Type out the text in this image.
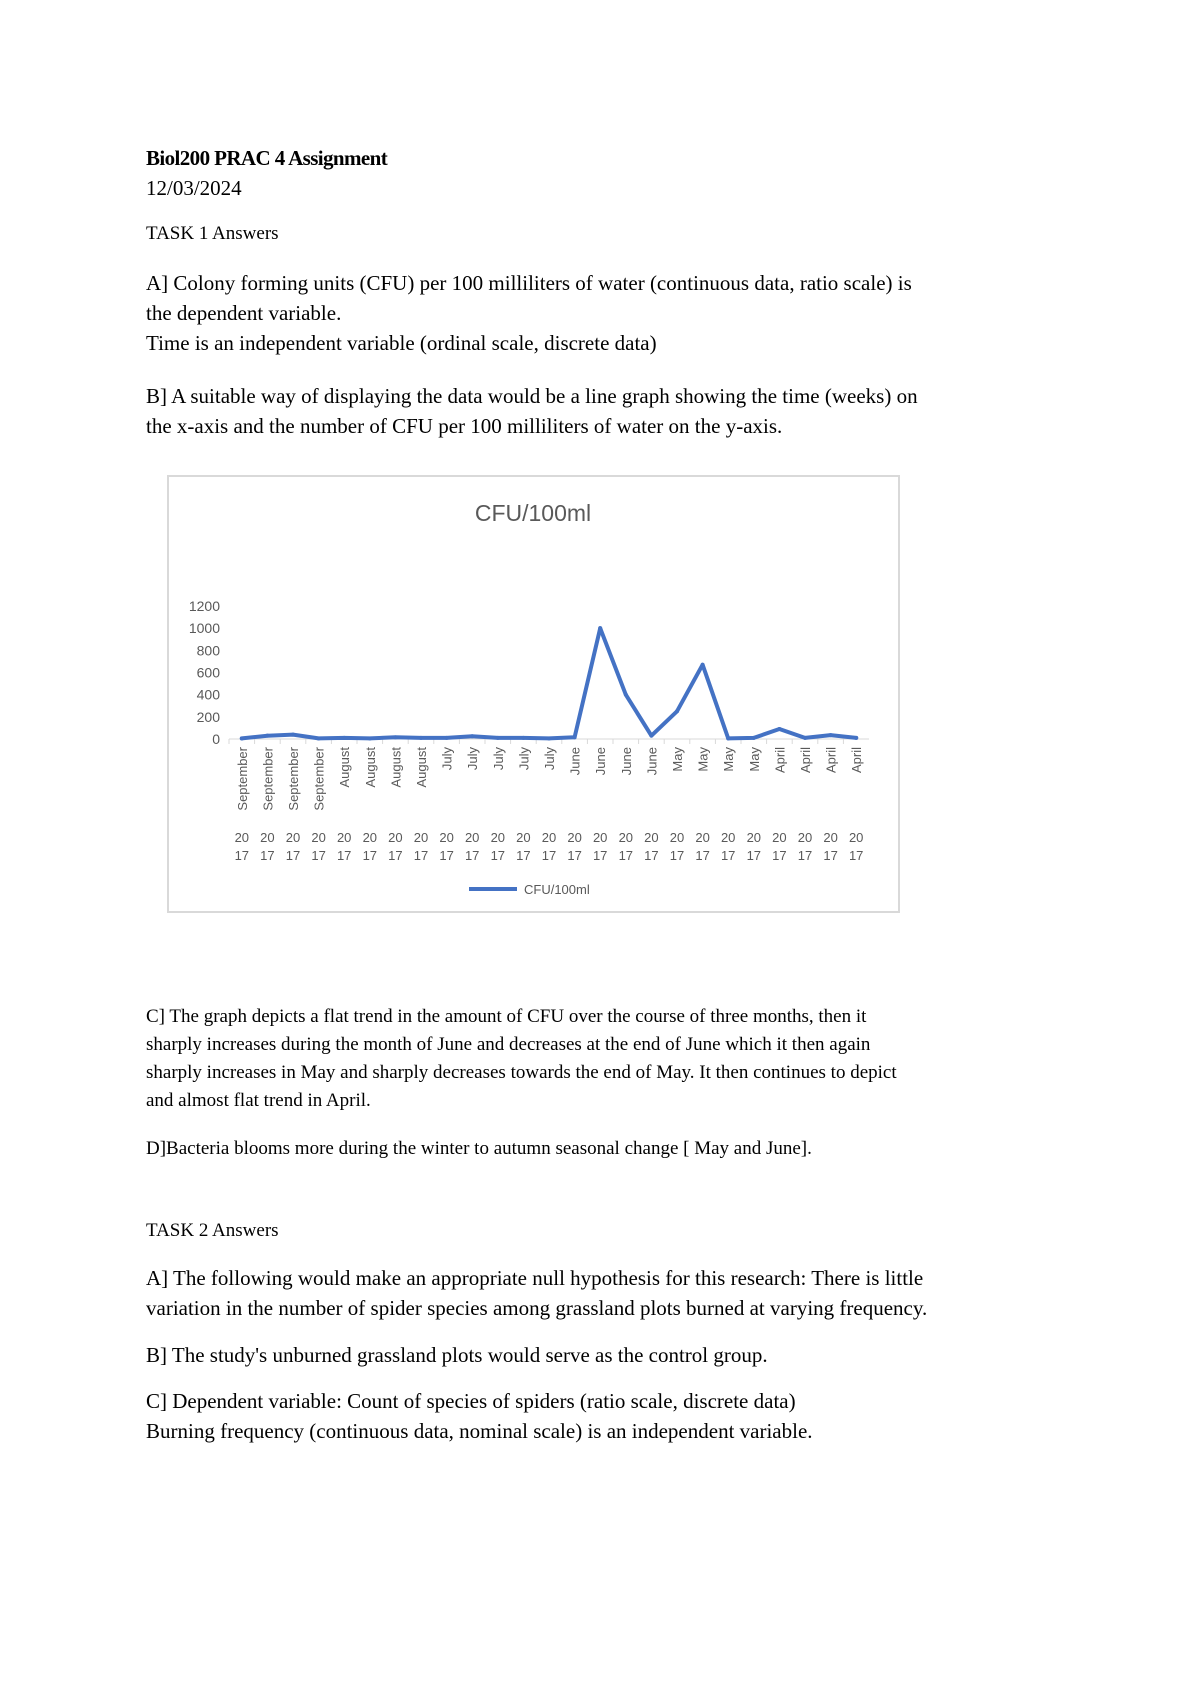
Biol200 PRAC 4 Assignment
12/03/2024
TASK 1 Answers
A] Colony forming units (CFU) per 100 milliliters of water (continuous data, ratio scale) is
the dependent variable.
Time is an independent variable (ordinal scale, discrete data)
B] A suitable way of displaying the data would be a line graph showing the time (weeks) on
the x-axis and the number of CFU per 100 milliliters of water on the y-axis.
CFU/100ml
0
200
400
600
800
1000
1200
September
20
17
September
20
17
September
20
17
September
20
17
August
20
17
August
20
17
August
20
17
August
20
17
July
20
17
July
20
17
July
20
17
July
20
17
July
20
17
June
20
17
June
20
17
June
20
17
June
20
17
May
20
17
May
20
17
May
20
17
May
20
17
April
20
17
April
20
17
April
20
17
April
20
17
CFU/100ml
C] The graph depicts a flat trend in the amount of CFU over the course of three months, then it
sharply increases during the month of June and decreases at the end of June which it then again
sharply increases in May and sharply decreases towards the end of May. It then continues to depict
and almost flat trend in April.
D]Bacteria blooms more during the winter to autumn seasonal change [ May and June].
TASK 2 Answers
A] The following would make an appropriate null hypothesis for this research: There is little
variation in the number of spider species among grassland plots burned at varying frequency.
B] The study's unburned grassland plots would serve as the control group.
C] Dependent variable: Count of species of spiders (ratio scale, discrete data)
Burning frequency (continuous data, nominal scale) is an independent variable.
